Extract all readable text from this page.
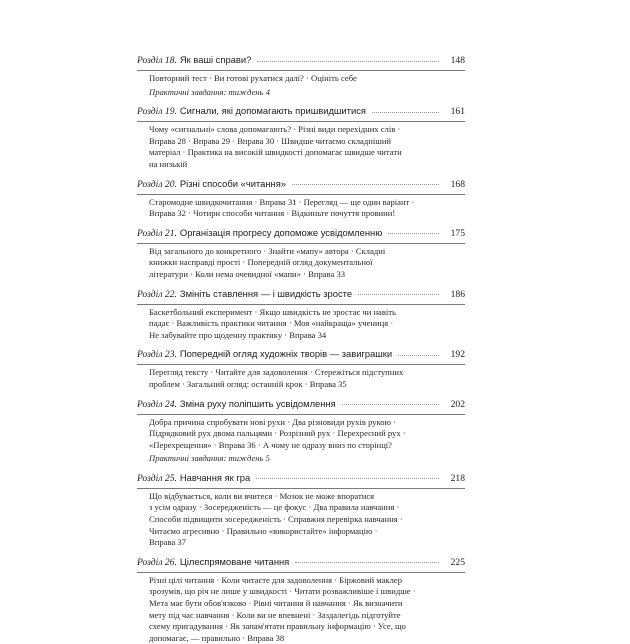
Розділ 18. Як ваші справи?	148
Повторний тест · Ви готові рухатися далі? · Оцініть себе
Практичні завдання: тиждень 4
Розділ 19. Сигнали, які допомагають пришвидшитися	161
Чому «сигнальні» слова допомагають? · Різні види перехідних слів ·
Вправа 28 · Вправа 29 · Вправа 30 · Швидше читаємо складніший
матеріал · Практика на високій швидкості допомагає швидше читати
на низькій
Розділ 20. Різні способи «читання»	168
Старомодне швидкочитання · Вправа 31 · Перегляд — ще один варіант ·
Вправа 32 · Чотири способи читання · Відкиньте почуття провини!
Розділ 21. Організація прогресу допоможе усвідомленню	175
Від загального до конкретного · Знайти «мапу» автора · Складні
книжки насправді прості · Попередній огляд документальної
літератури · Коли нема очевидної «мапи» · Вправа 33
Розділ 22. Змініть ставлення — і швидкість зросте	186
Баскетбольний експеримент · Якщо швидкість не зростає чи навіть
падає · Важливість практики читання · Моя «найкраща» учениця ·
Не забувайте про щоденну практику · Вправа 34
Розділ 23. Попередній огляд художніх творів — завиграшки	192
Перегляд тексту · Читайте для задоволення · Стережіться підступних
проблем · Загальний огляд: останній крок · Вправа 35
Розділ 24. Зміна руху поліпшить усвідомлення	202
Добра причина спробувати нові рухи · Два різновиди рухів рукою ·
Підрядковий рух двома пальцями · Розрізний рух · Перехресний рух ·
«Перехрещення» · Вправа 36 · А чому не одразу вниз по сторінці?
Практичні завдання: тиждень 5
Розділ 25. Навчання як гра	218
Що відбувається, коли ви вчитеся · Мозок не може впоратися
з усім одразу · Зосередженість — це фокус · Два правила навчання ·
Способи підвищити зосередженість · Справжня перевірка навчання ·
Читаємо агресивно · Правильно «використайте» інформацію ·
Вправа 37
Розділ 26. Цілеспрямоване читання	225
Різні цілі читання · Коли читаєте для задоволення · Біржовий маклер
зрозумів, що річ не лише у швидкості · Читати розважливіше і швидше ·
Мета має бути обов'язково · Рівні читання й навчання · Як визначити
мету під час навчання · Коли ви не впевнені · Заздалегідь підготуйте
схему пригадування · Як запам'ятати правильну інформацію · Усе, що
допомагає, — правильно · Вправа 38
